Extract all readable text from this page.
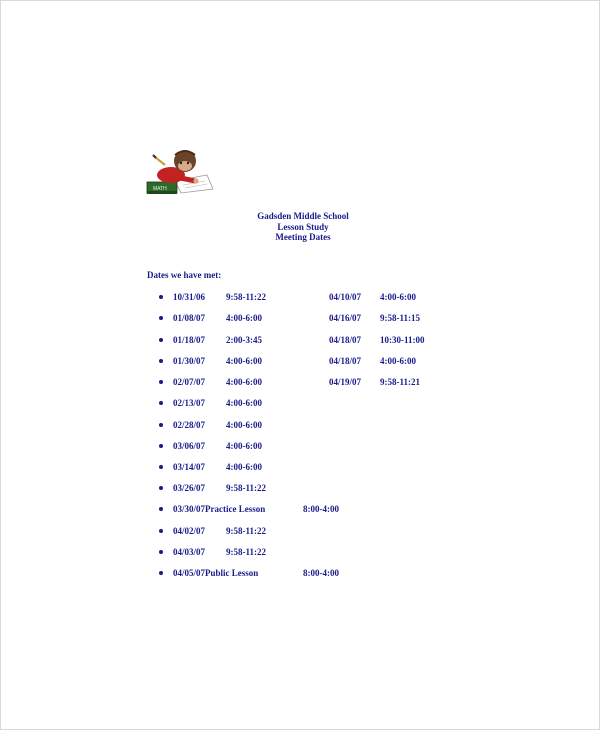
MATH
Gadsden Middle School
Lesson Study
Meeting Dates
Dates we have met:
10/31/06 9:58-11:22	04/10/07 4:00-6:00
01/08/07 4:00-6:00	04/16/07 9:58-11:15
01/18/07 2:00-3:45	04/18/07 10:30-11:00
01/30/07 4:00-6:00	04/18/07 4:00-6:00
02/07/07 4:00-6:00	04/19/07 9:58-11:21
02/13/07 4:00-6:00
02/28/07 4:00-6:00
03/06/07 4:00-6:00
03/14/07 4:00-6:00
03/26/07 9:58-11:22
03/30/07Practice Lesson	8:00-4:00
04/02/07 9:58-11:22
04/03/07 9:58-11:22
04/05/07Public Lesson	8:00-4:00
